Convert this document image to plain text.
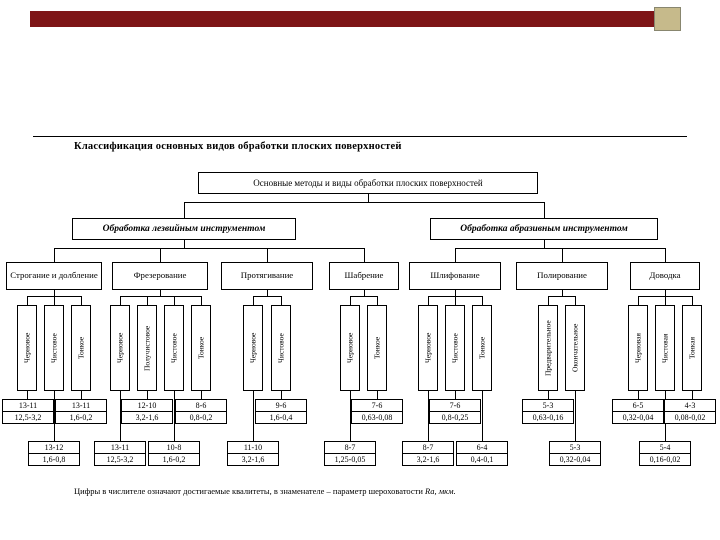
Классификация основных видов обработки плоских поверхностей
Основные методы и виды обработки плоских поверхностей
Обработка лезвийным инструментом	Обработка абразивным инструментом
Строгание и долбление
Черновое
13-11
12,5-3,2
Чистовое
13-12
1,6-0,8
Тонкое
13-11
1,6-0,2
Фрезерование
Черновое
13-11
12,5-3,2
Получистовое
12-10
3,2-1,6
Чистовое
10-8
1,6-0,2
Тонкое
8-6
0,8-0,2
Протягивание
Черновое
11-10
3,2-1,6
Чистовое
9-6
1,6-0,4
Шабрение
Черновое
8-7
1,25-0,05
Тонкое
7-6
0,63-0,08
Шлифование
Черновое
8-7
3,2-1,6
Чистовое
7-6
0,8-0,25
Тонкое
6-4
0,4-0,1
Полирование
Предварительное
5-3
0,63-0,16
Окончательное
5-3
0,32-0,04
Доводка
Черновая
6-5
0,32-0,04
Чистовая
5-4
0,16-0,02
Тонкая
4-3
0,08-0,02
Цифры в числителе означают достигаемые квалитеты, в знаменателе – параметр шероховатости Ra, мкм.
